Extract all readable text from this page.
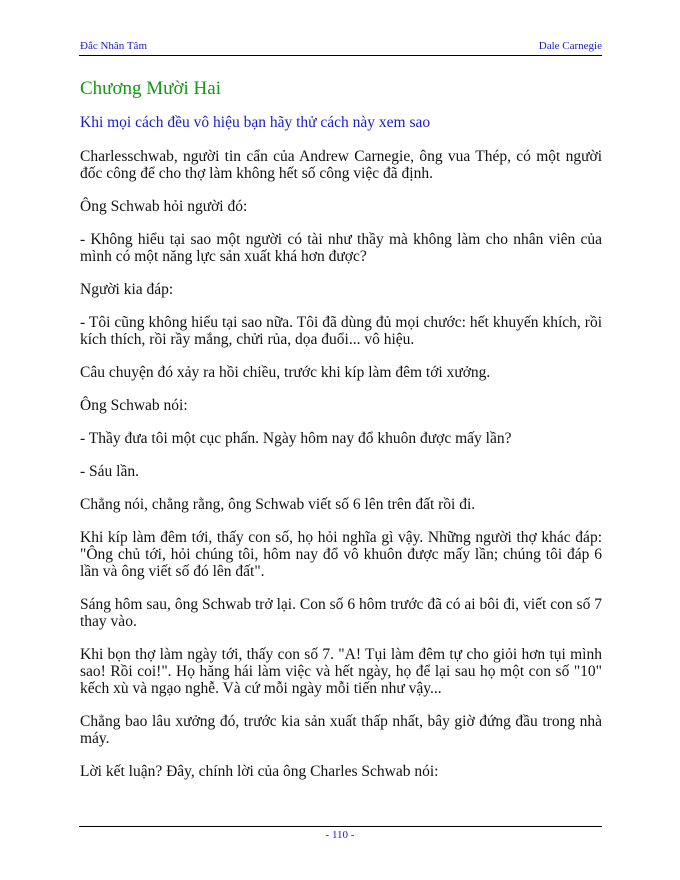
Đắc Nhân Tâm	Dale Carnegie
Chương Mười Hai
Khi mọi cách đều vô hiệu bạn hãy thử cách này xem sao

Charlesschwab, người tin cẩn của Andrew Carnegie, ông vua Thép, có một người đốc công để cho thợ làm không hết số công việc đã định.

Ông Schwab hỏi người đó:

- Không hiểu tại sao một người có tài như thầy mà không làm cho nhân viên của mình có một năng lực sản xuất khá hơn được?

Người kia đáp:

- Tôi cũng không hiểu tại sao nữa. Tôi đã dùng đủ mọi chước: hết khuyến khích, rồi kích thích, rồi rầy mắng, chửi rủa, dọa đuổi... vô hiệu.

Câu chuyện đó xảy ra hồi chiều, trước khi kíp làm đêm tới xưởng.

Ông Schwab nói:

- Thầy đưa tôi một cục phấn. Ngày hôm nay đổ khuôn được mấy lần?

- Sáu lần.

Chẳng nói, chẳng rằng, ông Schwab viết số 6 lên trên đất rồi đi.

Khi kíp làm đêm tới, thấy con số, họ hỏi nghĩa gì vậy. Những người thợ khác đáp: "Ông chủ tới, hỏi chúng tôi, hôm nay đổ vô khuôn được mấy lần; chúng tôi đáp 6 lần và ông viết số đó lên đất".

Sáng hôm sau, ông Schwab trở lại. Con số 6 hôm trước đã có ai bôi đi, viết con số 7 thay vào.

Khi bọn thợ làm ngày tới, thấy con số 7. "A! Tụi làm đêm tự cho giỏi hơn tụi mình sao! Rồi coi!". Họ hăng hái làm việc và hết ngày, họ để lại sau họ một con số "10" kếch xù và ngạo nghễ. Và cứ mỗi ngày mỗi tiến như vậy...

Chẳng bao lâu xưởng đó, trước kia sản xuất thấp nhất, bây giờ đứng đầu trong nhà máy.

Lời kết luận? Đây, chính lời của ông Charles Schwab nói:

- 110 -
